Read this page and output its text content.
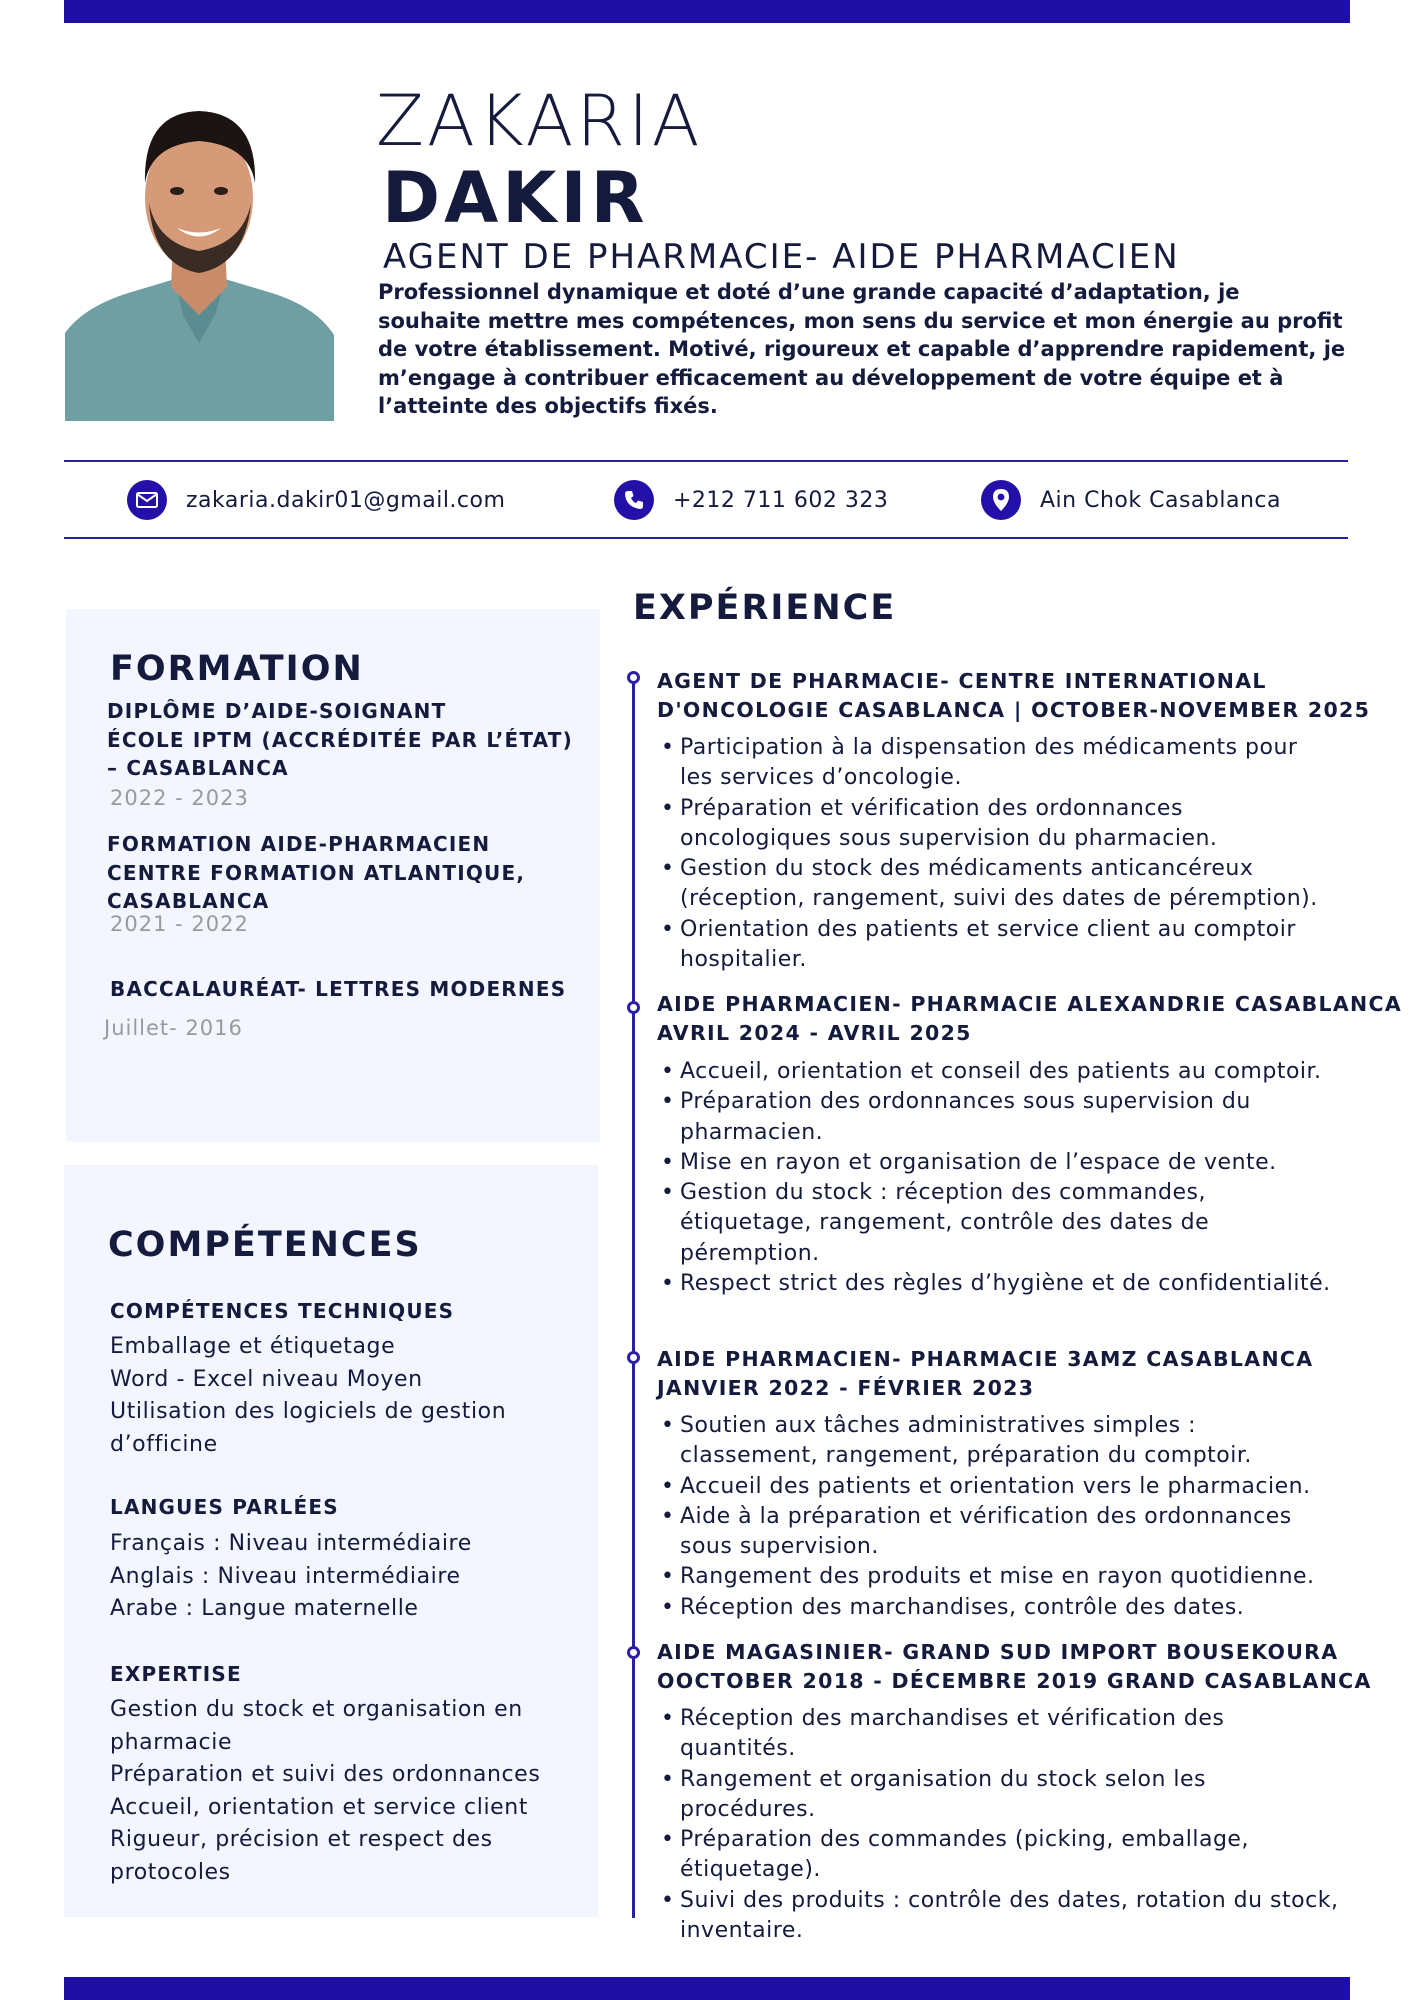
ZAKARIA
DAKIR
AGENT DE PHARMACIE- AIDE PHARMACIEN
Professionnel dynamique et doté d’une grande capacité d’adaptation, je souhaite mettre mes compétences, mon sens du service et mon énergie au profit de votre établissement. Motivé, rigoureux et capable d’apprendre rapidement, je m’engage à contribuer efficacement au développement de votre équipe et à l’atteinte des objectifs fixés.
zakaria.dakir01@gmail.com	+212 711 602 323	Ain Chok Casablanca
FORMATION
DIPLÔME D’AIDE-SOIGNANT
ÉCOLE IPTM (ACCRÉDITÉE PAR L’ÉTAT)
– CASABLANCA
2022 - 2023
FORMATION AIDE-PHARMACIEN
CENTRE FORMATION ATLANTIQUE,
CASABLANCA
2021 - 2022
BACCALAURÉAT- LETTRES MODERNES
Juillet- 2016
COMPÉTENCES
COMPÉTENCES TECHNIQUES
Emballage et étiquetage
Word - Excel niveau Moyen
Utilisation des logiciels de gestion
d’officine
LANGUES PARLÉES
Français : Niveau intermédiaire
Anglais : Niveau intermédiaire
Arabe : Langue maternelle
EXPERTISE
Gestion du stock et organisation en
pharmacie
Préparation et suivi des ordonnances
Accueil, orientation et service client
Rigueur, précision et respect des
protocoles
EXPÉRIENCE
AGENT DE PHARMACIE- CENTRE INTERNATIONAL
D'ONCOLOGIE CASABLANCA | OCTOBER-NOVEMBER 2025
• Participation à la dispensation des médicaments pour
les services d’oncologie.
• Préparation et vérification des ordonnances
oncologiques sous supervision du pharmacien.
• Gestion du stock des médicaments anticancéreux
(réception, rangement, suivi des dates de péremption).
• Orientation des patients et service client au comptoir
hospitalier.
AIDE PHARMACIEN- PHARMACIE ALEXANDRIE CASABLANCA
AVRIL 2024 - AVRIL 2025
• Accueil, orientation et conseil des patients au comptoir.
• Préparation des ordonnances sous supervision du
pharmacien.
• Mise en rayon et organisation de l’espace de vente.
• Gestion du stock : réception des commandes,
étiquetage, rangement, contrôle des dates de
péremption.
• Respect strict des règles d’hygiène et de confidentialité.
AIDE PHARMACIEN- PHARMACIE 3AMZ CASABLANCA
JANVIER 2022 - FÉVRIER 2023
• Soutien aux tâches administratives simples :
classement, rangement, préparation du comptoir.
• Accueil des patients et orientation vers le pharmacien.
• Aide à la préparation et vérification des ordonnances
sous supervision.
• Rangement des produits et mise en rayon quotidienne.
• Réception des marchandises, contrôle des dates.
AIDE MAGASINIER- GRAND SUD IMPORT BOUSEKOURA
OOCTOBER 2018 - DÉCEMBRE 2019 GRAND CASABLANCA
• Réception des marchandises et vérification des
quantités.
• Rangement et organisation du stock selon les
procédures.
• Préparation des commandes (picking, emballage,
étiquetage).
• Suivi des produits : contrôle des dates, rotation du stock,
inventaire.
